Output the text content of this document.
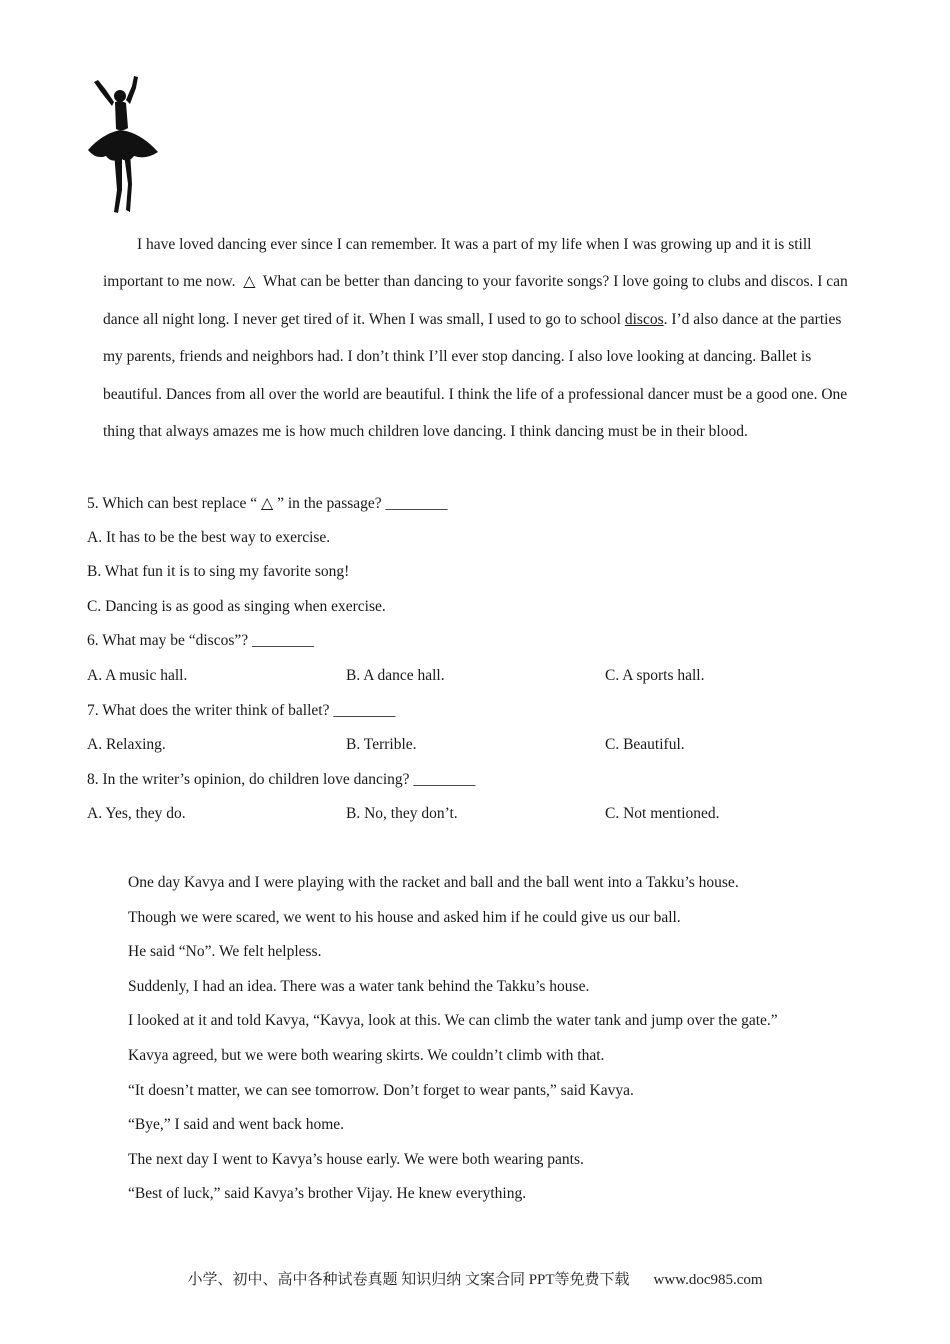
I have loved dancing ever since I can remember. It was a part of my life when I was growing up and it is still important to me now. △ What can be better than dancing to your favorite songs? I love going to clubs and discos. I can dance all night long. I never get tired of it. When I was small, I used to go to school discos. I’d also dance at the parties my parents, friends and neighbors had. I don’t think I’ll ever stop dancing. I also love looking at dancing. Ballet is beautiful. Dances from all over the world are beautiful. I think the life of a professional dancer must be a good one. One thing that always amazes me is how much children love dancing. I think dancing must be in their blood.

5. Which can best replace “ △ ” in the passage? ________
A. It has to be the best way to exercise.
B. What fun it is to sing my favorite song!
C. Dancing is as good as singing when exercise.
6. What may be “discos”? ________
A. A music hall.	B. A dance hall.	C. A sports hall.
7. What does the writer think of ballet? ________
A. Relaxing.	B. Terrible.	C. Beautiful.
8. In the writer’s opinion, do children love dancing? ________
A. Yes, they do.	B. No, they don’t.	C. Not mentioned.
One day Kavya and I were playing with the racket and ball and the ball went into a Takku’s house.
Though we were scared, we went to his house and asked him if he could give us our ball.
He said “No”. We felt helpless.
Suddenly, I had an idea. There was a water tank behind the Takku’s house.
I looked at it and told Kavya, “Kavya, look at this. We can climb the water tank and jump over the gate.”
Kavya agreed, but we were both wearing skirts. We couldn’t climb with that.
“It doesn’t matter, we can see tomorrow. Don’t forget to wear pants,” said Kavya.
“Bye,” I said and went back home.
The next day I went to Kavya’s house early. We were both wearing pants.
“Best of luck,” said Kavya’s brother Vijay. He knew everything.
小学、初中、高中各种试卷真题 知识归纳 文案合同 PPT等免费下载 www.doc985.com
